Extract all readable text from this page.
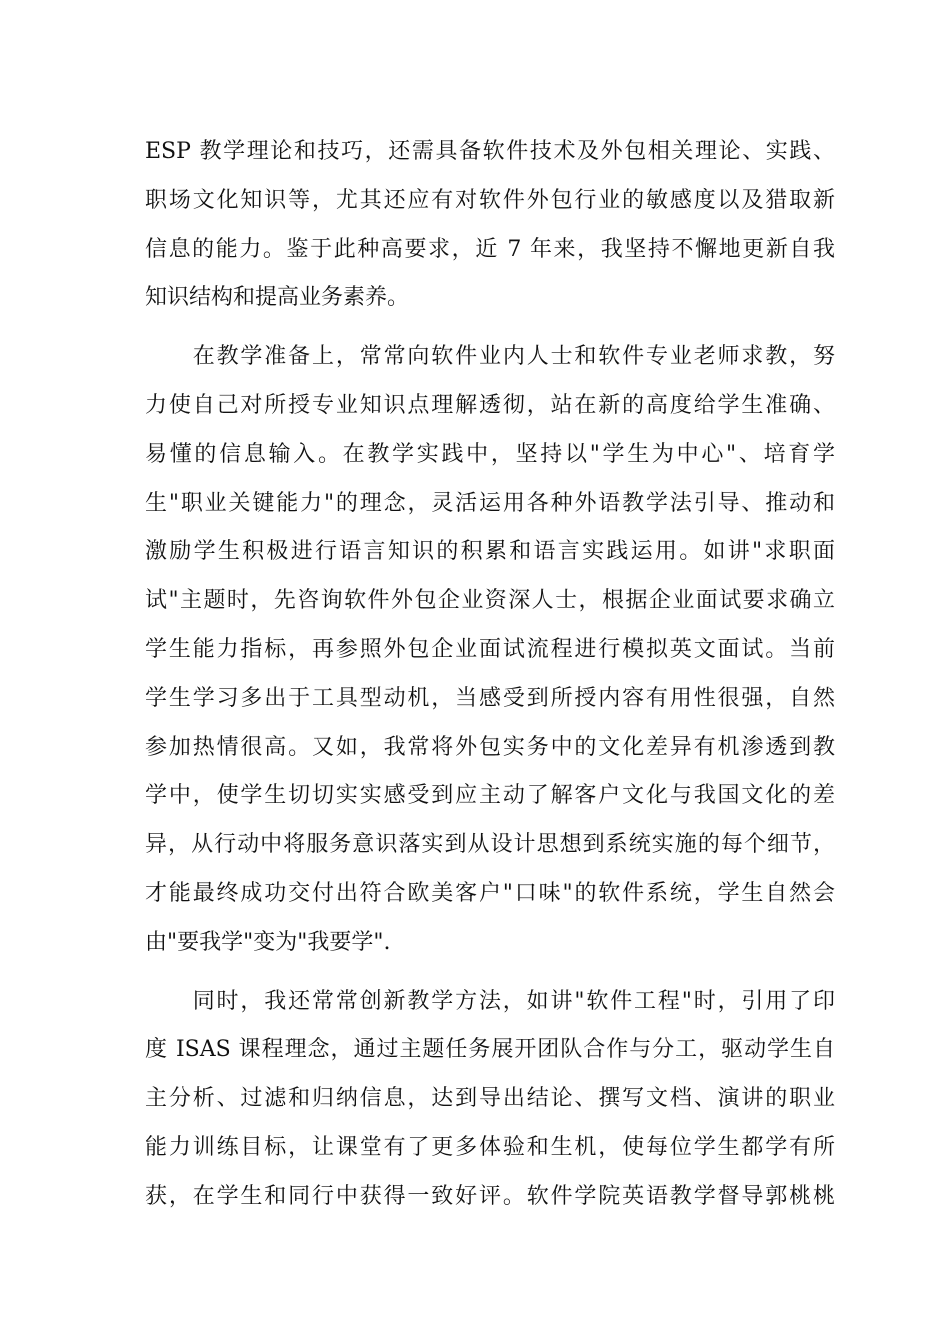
ESP 教学理论和技巧，还需具备软件技术及外包相关理论、实践、
职场文化知识等，尤其还应有对软件外包行业的敏感度以及猎取新
信息的能力。鉴于此种高要求，近 7 年来，我坚持不懈地更新自我
知识结构和提高业务素养。
　　在教学准备上，常常向软件业内人士和软件专业老师求教，努
力使自己对所授专业知识点理解透彻，站在新的高度给学生准确、
易懂的信息输入。在教学实践中，坚持以"学生为中心"、培育学
生"职业关键能力"的理念，灵活运用各种外语教学法引导、推动和
激励学生积极进行语言知识的积累和语言实践运用。如讲"求职面
试"主题时，先咨询软件外包企业资深人士，根据企业面试要求确立
学生能力指标，再参照外包企业面试流程进行模拟英文面试。当前
学生学习多出于工具型动机，当感受到所授内容有用性很强，自然
参加热情很高。又如，我常将外包实务中的文化差异有机渗透到教
学中，使学生切切实实感受到应主动了解客户文化与我国文化的差
异，从行动中将服务意识落实到从设计思想到系统实施的每个细节，
才能最终成功交付出符合欧美客户"口味"的软件系统，学生自然会
由"要我学"变为"我要学".
　　同时，我还常常创新教学方法，如讲"软件工程"时，引用了印
度 ISAS 课程理念，通过主题任务展开团队合作与分工，驱动学生自
主分析、过滤和归纳信息，达到导出结论、撰写文档、演讲的职业
能力训练目标，让课堂有了更多体验和生机，使每位学生都学有所
获，在学生和同行中获得一致好评。软件学院英语教学督导郭桃桃
